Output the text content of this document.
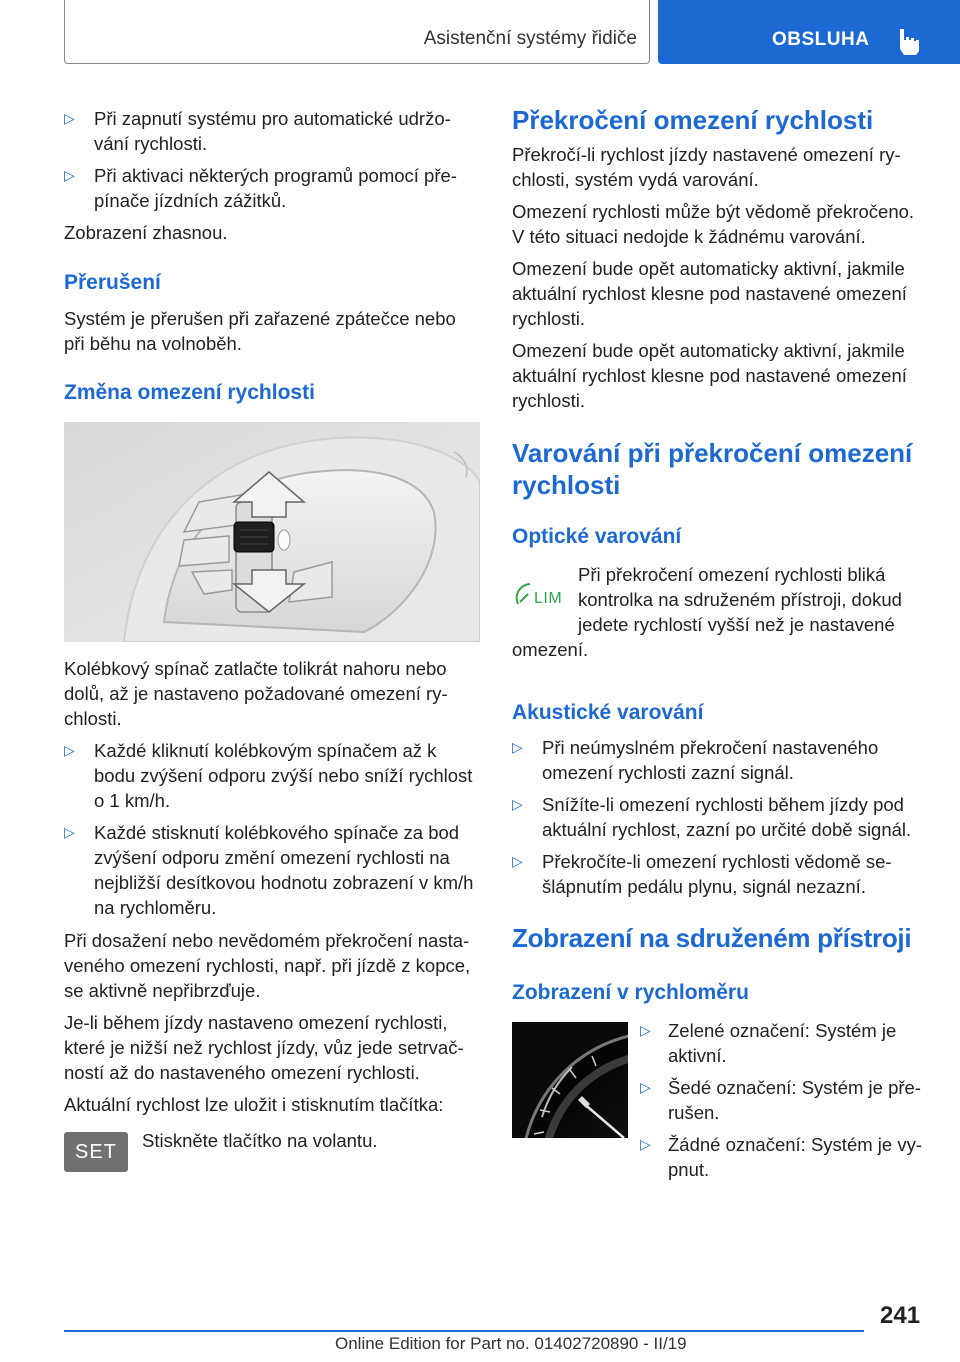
Asistenční systémy řidiče	OBSLUHA
▷	Při zapnutí systému pro automatické udržo-
vání rychlosti.
▷	Při aktivaci některých programů pomocí pře-
pínače jízdních zážitků.

Zobrazení zhasnou.

Přerušení

Systém je přerušen při zařazené zpátečce nebo
při běhu na volnoběh.

Změna omezení rychlosti

Kolébkový spínač zatlačte tolikrát nahoru nebo
dolů, až je nastaveno požadované omezení ry-
chlosti.

▷	Každé kliknutí kolébkovým spínačem až k
bodu zvýšení odporu zvýší nebo sníží rychlost
o 1 km/h.
▷	Každé stisknutí kolébkového spínače za bod
zvýšení odporu změní omezení rychlosti na
nejbližší desítkovou hodnotu zobrazení v km/h
na rychloměru.

Při dosažení nebo nevědomém překročení nasta-
veného omezení rychlosti, např. při jízdě z kopce,
se aktivně nepřibrzďuje.

Je-li během jízdy nastaveno omezení rychlosti,
které je nižší než rychlost jízdy, vůz jede setrvač-
ností až do nastaveného omezení rychlosti.

Aktuální rychlost lze uložit i stisknutím tlačítka:

SET Stiskněte tlačítko na volantu.

Překročení omezení rychlosti

Překročí-li rychlost jízdy nastavené omezení ry-
chlosti, systém vydá varování.

Omezení rychlosti může být vědomě překročeno.
V této situaci nedojde k žádnému varování.

Omezení bude opět automaticky aktivní, jakmile
aktuální rychlost klesne pod nastavené omezení
rychlosti.

Omezení bude opět automaticky aktivní, jakmile
aktuální rychlost klesne pod nastavené omezení
rychlosti.

Varování při překročení omezení
rychlosti
Optické varování
LIM

Při překročení omezení rychlosti bliká
kontrolka na sdruženém přístroji, dokud
jedete rychlostí vyšší než je nastavené

omezení.

Akustické varování
▷	Při neúmyslném překročení nastaveného
omezení rychlosti zazní signál.
▷	Snížíte-li omezení rychlosti během jízdy pod
aktuální rychlost, zazní po určité době signál.
▷	Překročíte-li omezení rychlosti vědomě se-
šlápnutím pedálu plynu, signál nezazní.
Zobrazení na sdruženém přístroji
Zobrazení v rychloměru
▷ Zelené označení: Systém je
aktivní.
▷ Šedé označení: Systém je pře-
rušen.
▷ Žádné označení: Systém je vy-
pnut.
241
Online Edition for Part no. 01402720890 - II/19
